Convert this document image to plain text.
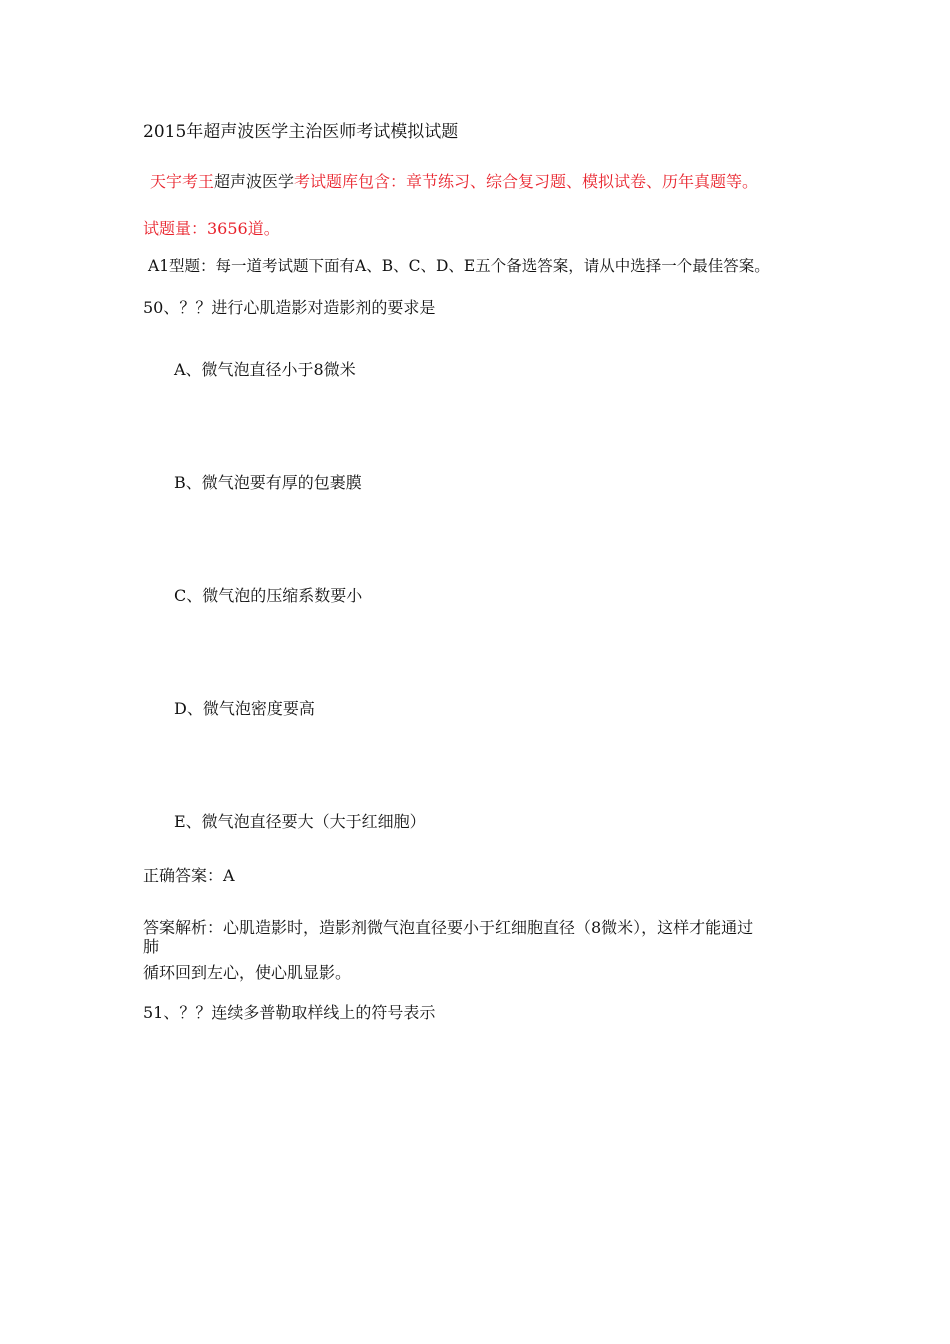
2015年超声波医学主治医师考试模拟试题
天宇考王超声波医学考试题库包含：章节练习、综合复习题、模拟试卷、历年真题等。
试题量：3656道。
A1型题：每一道考试题下面有A、B、C、D、E五个备选答案，请从中选择一个最佳答案。
50、？？进行心肌造影对造影剂的要求是
A、微气泡直径小于8微米
B、微气泡要有厚的包裹膜
C、微气泡的压缩系数要小
D、微气泡密度要高
E、微气泡直径要大（大于红细胞）
正确答案：A
答案解析：心肌造影时，造影剂微气泡直径要小于红细胞直径（8微米），这样才能通过
肺
循环回到左心，使心肌显影。
51、？？连续多普勒取样线上的符号表示
